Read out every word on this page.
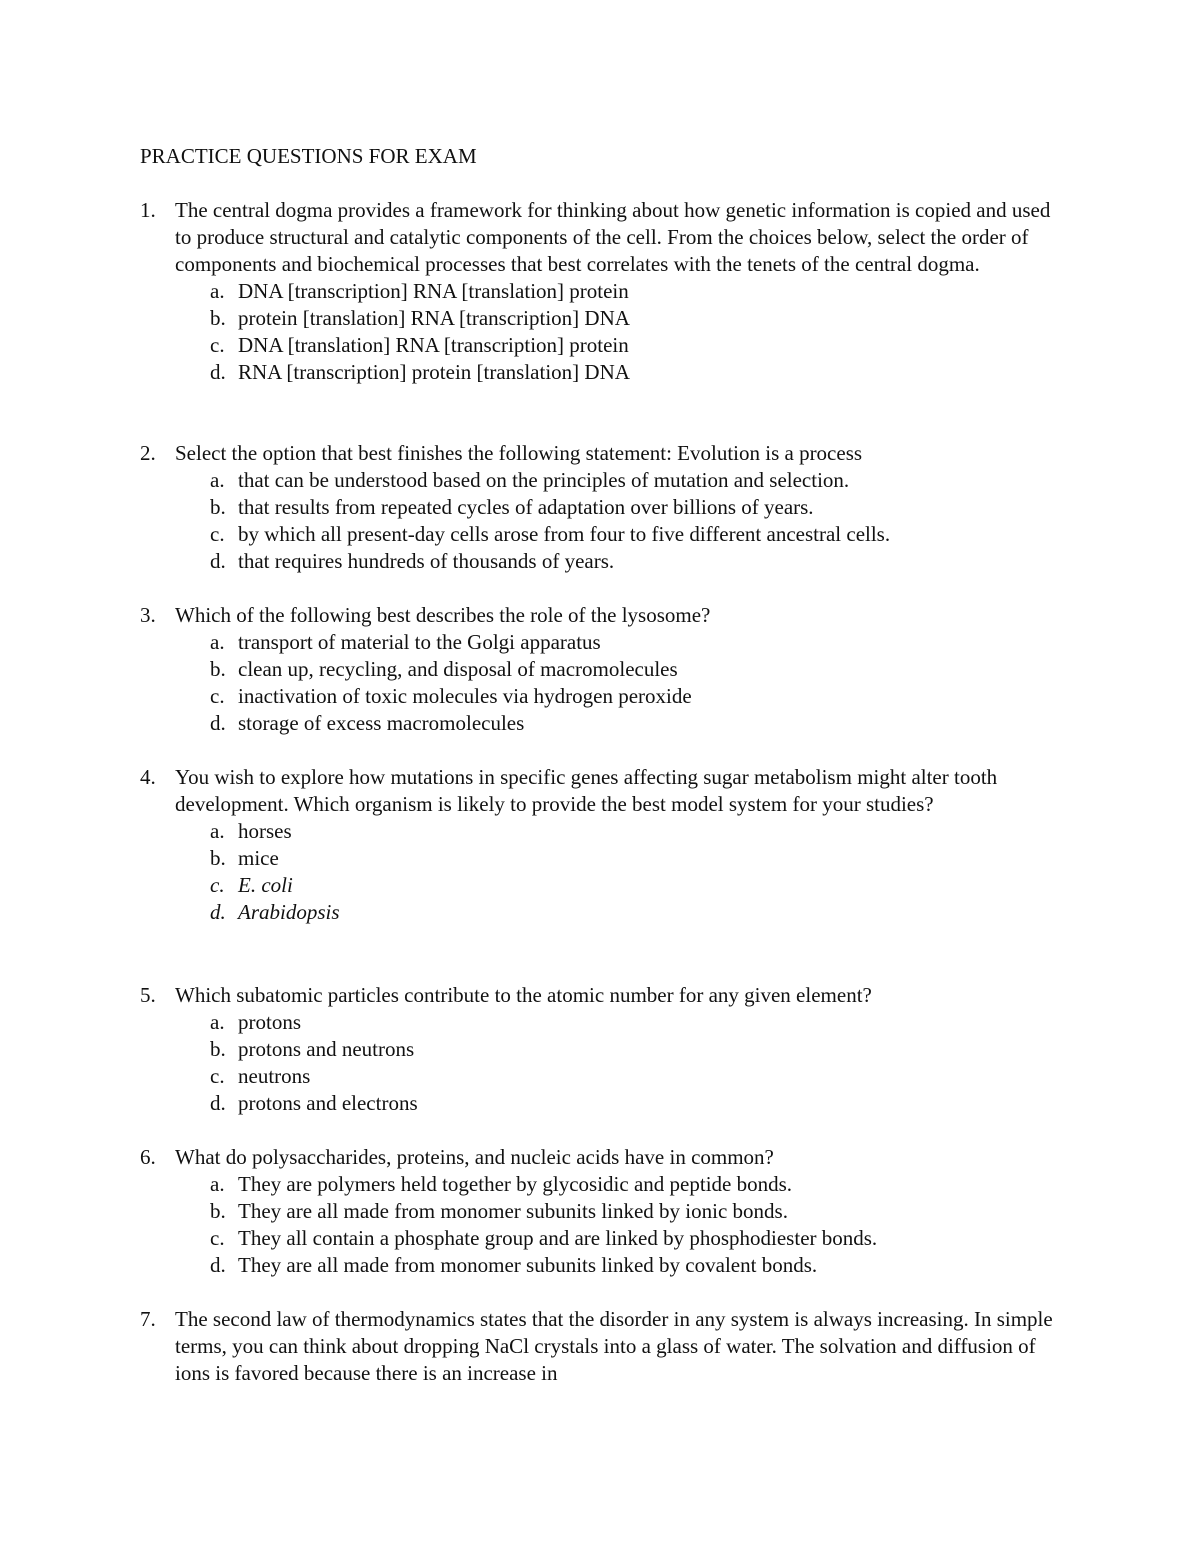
PRACTICE QUESTIONS FOR EXAM
1. The central dogma provides a framework for thinking about how genetic information is copied and used to produce structural and catalytic components of the cell. From the choices below, select the order of components and biochemical processes that best correlates with the tenets of the central dogma.
a. DNA [transcription] RNA [translation] protein
b. protein [translation] RNA [transcription] DNA
c. DNA [translation] RNA [transcription] protein
d. RNA [transcription] protein [translation] DNA
2. Select the option that best finishes the following statement: Evolution is a process
a. that can be understood based on the principles of mutation and selection.
b. that results from repeated cycles of adaptation over billions of years.
c. by which all present-day cells arose from four to five different ancestral cells.
d. that requires hundreds of thousands of years.
3. Which of the following best describes the role of the lysosome?
a. transport of material to the Golgi apparatus
b. clean up, recycling, and disposal of macromolecules
c. inactivation of toxic molecules via hydrogen peroxide
d. storage of excess macromolecules
4. You wish to explore how mutations in specific genes affecting sugar metabolism might alter tooth development. Which organism is likely to provide the best model system for your studies?
a. horses
b. mice
c. E. coli
d. Arabidopsis
5. Which subatomic particles contribute to the atomic number for any given element?
a. protons
b. protons and neutrons
c. neutrons
d. protons and electrons
6. What do polysaccharides, proteins, and nucleic acids have in common?
a. They are polymers held together by glycosidic and peptide bonds.
b. They are all made from monomer subunits linked by ionic bonds.
c. They all contain a phosphate group and are linked by phosphodiester bonds.
d. They are all made from monomer subunits linked by covalent bonds.
7. The second law of thermodynamics states that the disorder in any system is always increasing. In simple terms, you can think about dropping NaCl crystals into a glass of water. The solvation and diffusion of ions is favored because there is an increase in
